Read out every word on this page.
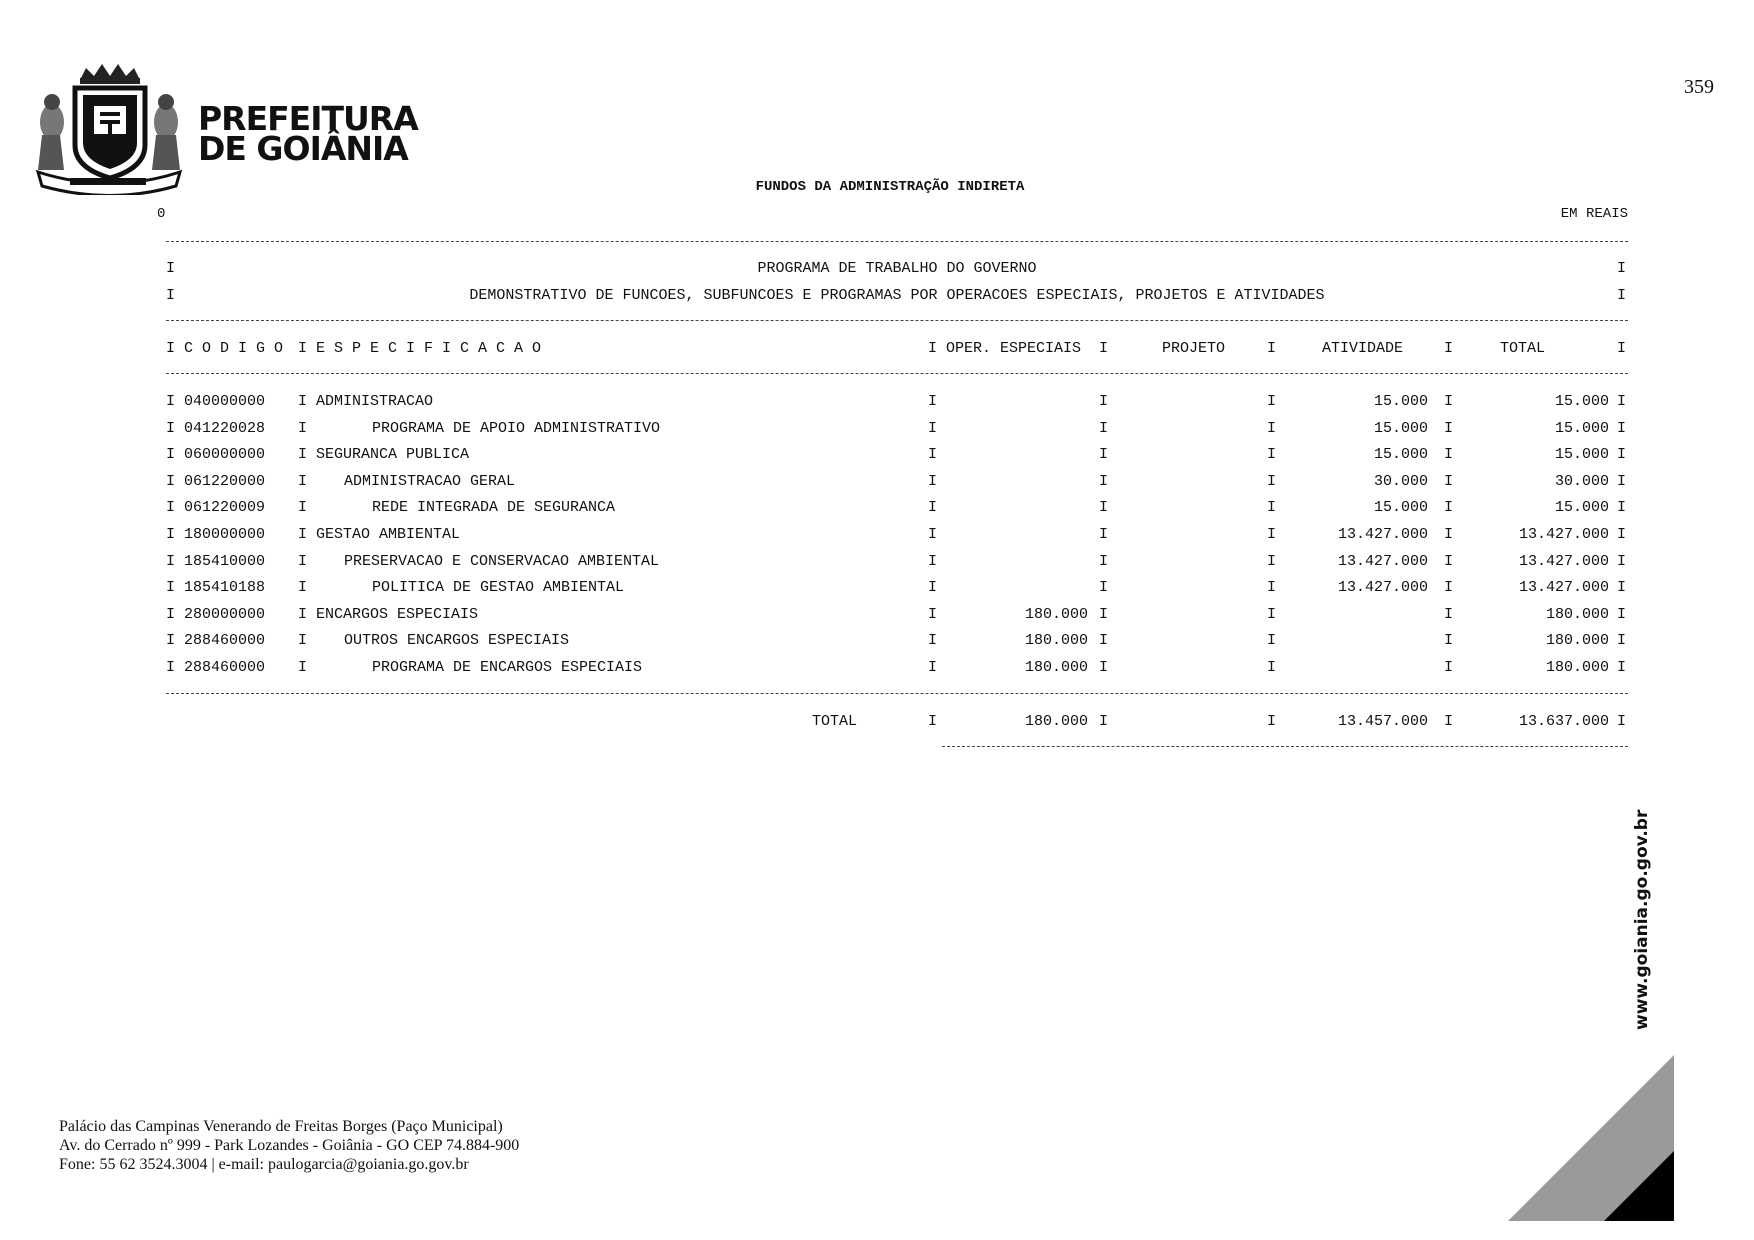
359
PREFEITURA
DE GOIÂNIA
FUNDOS DA ADMINISTRAÇÃO INDIRETA
0	EM REAIS
I	PROGRAMA DE TRABALHO DO GOVERNO	I
I	DEMONSTRATIVO DE FUNCOES, SUBFUNCOES E PROGRAMAS POR OPERACOES ESPECIAIS, PROJETOS E ATIVIDADES	I
I C O D I G O I E S P E C I F I C A C A O	I OPER. ESPECIAIS I	PROJETO	I	ATIVIDADE	I	TOTAL	I
I 040000000 I ADMINISTRACAO	I	I	I	15.000 I	15.000 I
I 041220028 I	PROGRAMA DE APOIO ADMINISTRATIVO	I	I	I	15.000 I	15.000 I
I 060000000 I SEGURANCA PUBLICA	I	I	I	15.000 I	15.000 I
I 061220000 I ADMINISTRACAO GERAL	I	I	I	30.000 I	30.000 I
I 061220009 I	REDE INTEGRADA DE SEGURANCA	I	I	I	15.000 I	15.000 I
I 180000000 I GESTAO AMBIENTAL	I	I	I	13.427.000 I	13.427.000 I
I 185410000 I PRESERVACAO E CONSERVACAO AMBIENTAL	I	I	I	13.427.000 I	13.427.000 I
I 185410188 I	POLITICA DE GESTAO AMBIENTAL	I	I	I	13.427.000 I	13.427.000 I
I 280000000 I ENCARGOS ESPECIAIS	I	180.000 I	I	I	180.000 I
I 288460000 I OUTROS ENCARGOS ESPECIAIS	I	180.000 I	I	I	180.000 I
I 288460000 I	PROGRAMA DE ENCARGOS ESPECIAIS	I	180.000 I	I	I	180.000 I
TOTAL	I	180.000 I	I	13.457.000 I	13.637.000 I
Palácio das Campinas Venerando de Freitas Borges (Paço Municipal)
Av. do Cerrado nº 999 - Park Lozandes - Goiânia - GO CEP 74.884-900
Fone: 55 62 3524.3004 | e-mail: paulogarcia@goiania.go.gov.br
www.goiania.go.gov.br
